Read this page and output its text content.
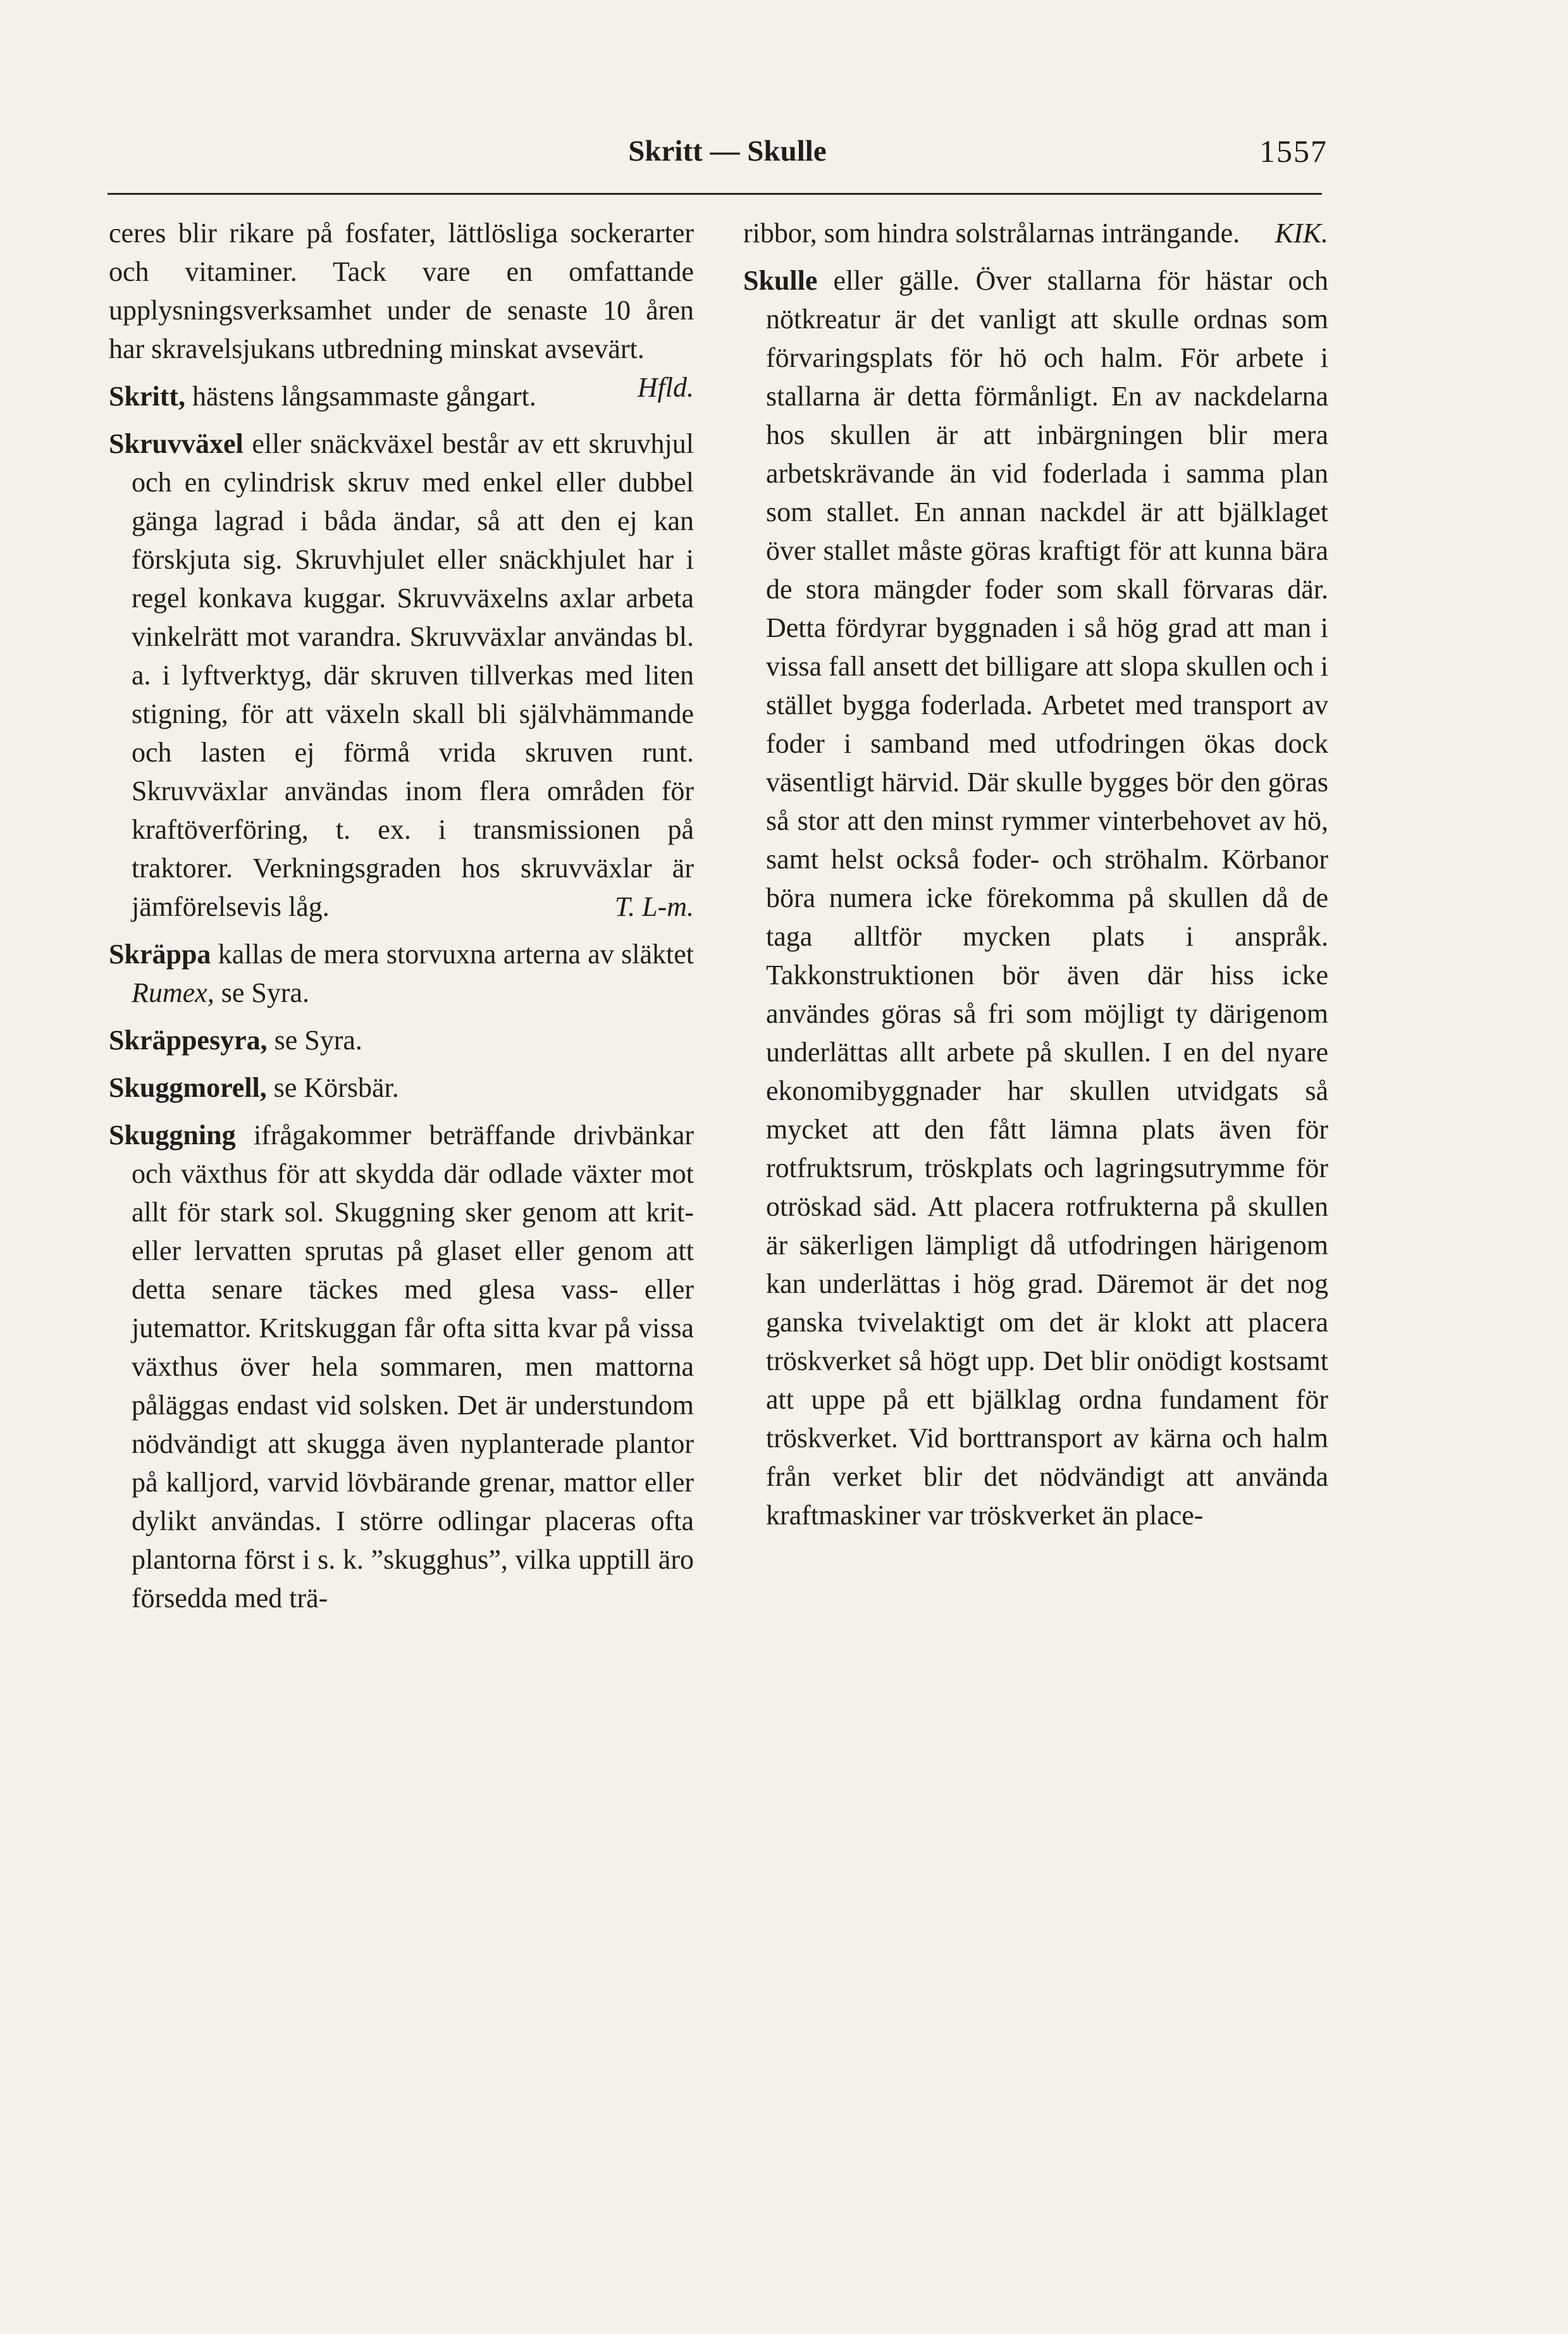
Skritt — Skulle	1557

ceres blir rikare på fosfater, lättlösliga sockerarter och vitaminer. Tack vare en omfattande upplysningsverksamhet under de senaste 10 åren har skravelsjukans utbredning minskat avsevärt.
Hfld.

Skritt, hästens långsammaste gångart.

Skruvväxel eller snäckväxel består av ett skruvhjul och en cylindrisk skruv med enkel eller dubbel gänga lagrad i båda ändar, så att den ej kan förskjuta sig. Skruvhjulet eller snäckhjulet har i regel konkava kuggar. Skruvväxelns axlar arbeta vinkelrätt mot varandra. Skruvväxlar användas bl. a. i lyftverktyg, där skruven tillverkas med liten stigning, för att växeln skall bli självhämmande och lasten ej förmå vrida skruven runt. Skruvväxlar användas inom flera områden för kraftöverföring, t. ex. i transmissionen på traktorer. Verkningsgraden hos skruvväxlar är jämförelsevis låg.	T. L-m.

Skräppa kallas de mera storvuxna arterna av släktet Rumex, se Syra.

Skräppesyra, se Syra.

Skuggmorell, se Körsbär.

Skuggning ifrågakommer beträffande drivbänkar och växthus för att skydda där odlade växter mot allt för stark sol. Skuggning sker genom att krit- eller lervatten sprutas på glaset eller genom att detta senare täckes med glesa vass- eller jutemattor. Kritskuggan får ofta sitta kvar på vissa växthus över hela sommaren, men mattorna påläggas endast vid solsken. Det är understundom nödvändigt att skugga även nyplanterade plantor på kalljord, varvid lövbärande grenar, mattor eller dylikt användas. I större odlingar placeras ofta plantorna först i s. k. ”skugghus”, vilka upptill äro försedda med trä-

ribbor, som hindra solstrålarnas inträngande.	KIK.

Skulle eller gälle. Över stallarna för hästar och nötkreatur är det vanligt att skulle ordnas som förvaringsplats för hö och halm. För arbete i stallarna är detta förmånligt. En av nackdelarna hos skullen är att inbärgningen blir mera arbetskrävande än vid foderlada i samma plan som stallet. En annan nackdel är att bjälklaget över stallet måste göras kraftigt för att kunna bära de stora mängder foder som skall förvaras där. Detta fördyrar byggnaden i så hög grad att man i vissa fall ansett det billigare att slopa skullen och i stället bygga foderlada. Arbetet med transport av foder i samband med utfodringen ökas dock väsentligt härvid. Där skulle bygges bör den göras så stor att den minst rymmer vinterbehovet av hö, samt helst också foder- och ströhalm. Körbanor böra numera icke förekomma på skullen då de taga alltför mycken plats i anspråk. Takkonstruktionen bör även där hiss icke användes göras så fri som möjligt ty därigenom underlättas allt arbete på skullen. I en del nyare ekonomibyggnader har skullen utvidgats så mycket att den fått lämna plats även för rotfruktsrum, tröskplats och lagringsutrymme för otröskad säd. Att placera rotfrukterna på skullen är säkerligen lämpligt då utfodringen härigenom kan underlättas i hög grad. Däremot är det nog ganska tvivelaktigt om det är klokt att placera tröskverket så högt upp. Det blir onödigt kostsamt att uppe på ett bjälklag ordna fundament för tröskverket. Vid borttransport av kärna och halm från verket blir det nödvändigt att använda kraftmaskiner var tröskverket än place-
